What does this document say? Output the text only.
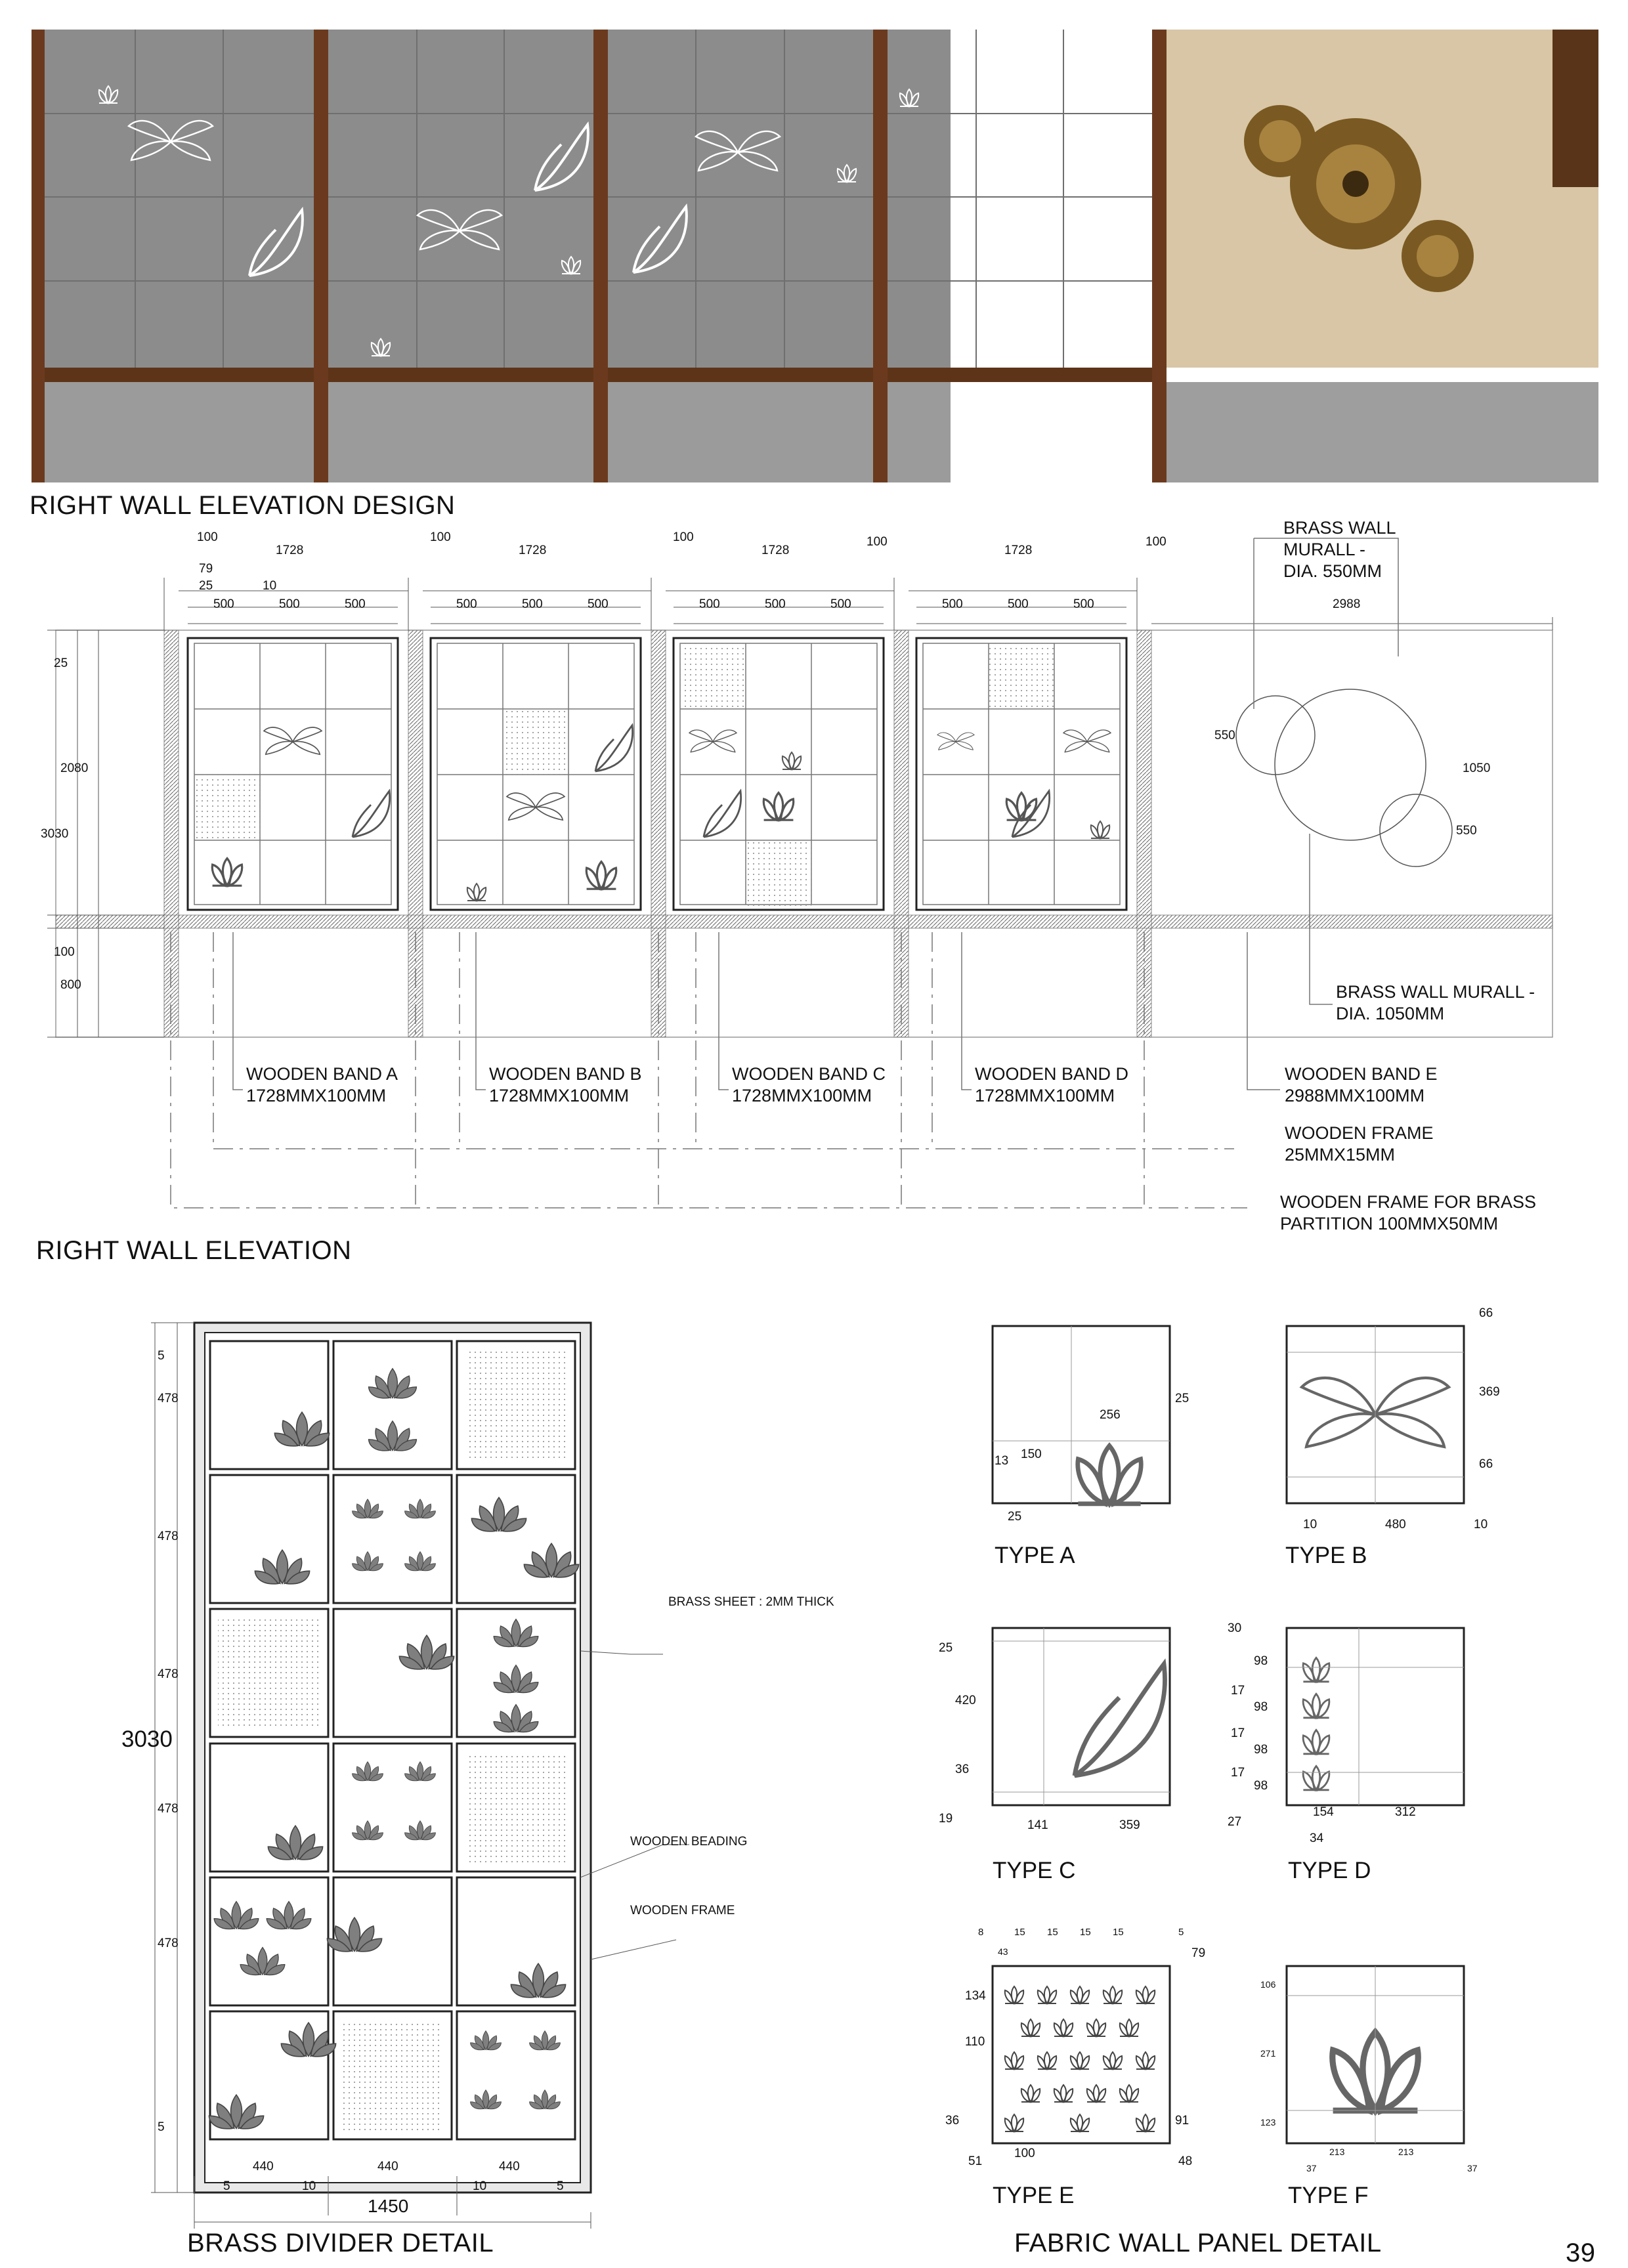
RIGHT WALL ELEVATION DESIGN
RIGHT WALL ELEVATION
BRASS DIVIDER DETAIL	FABRIC WALL PANEL DETAIL	39
100
1728
79
25	10
500	500	500
100
1728
500	500	500
100
1728
500	500	500
100
1728
500	500	500
100
2988
25
2080
3030
100
800
550
1050
550
BRASS WALL
MURALL -
DIA. 550MM
BRASS WALL MURALL -
DIA. 1050MM
WOODEN BAND A
1728MMX100MM
WOODEN BAND B
1728MMX100MM
WOODEN BAND C
1728MMX100MM
WOODEN BAND D
1728MMX100MM
WOODEN BAND E
2988MMX100MM
WOODEN FRAME
25MMX15MM
WOODEN FRAME FOR BRASS
PARTITION 100MMX50MM
BRASS SHEET : 2MM THICK
WOODEN BEADING
WOODEN FRAME
3030
478
478
478
478
478
5
5
440	440	440
5	10	10	5
1450
TYPE A	TYPE B
TYPE C	TYPE D
TYPE E	TYPE F
256
25
13 150
25
66
369
66
10	480	10
25
420
36
19	141	359
30
98
17
98
17
98
17
98
27
154	312
34
8	15 15 15 15	5
43	79
134
110
36	91
51
100
48
106
271
123
213	213
37	37
